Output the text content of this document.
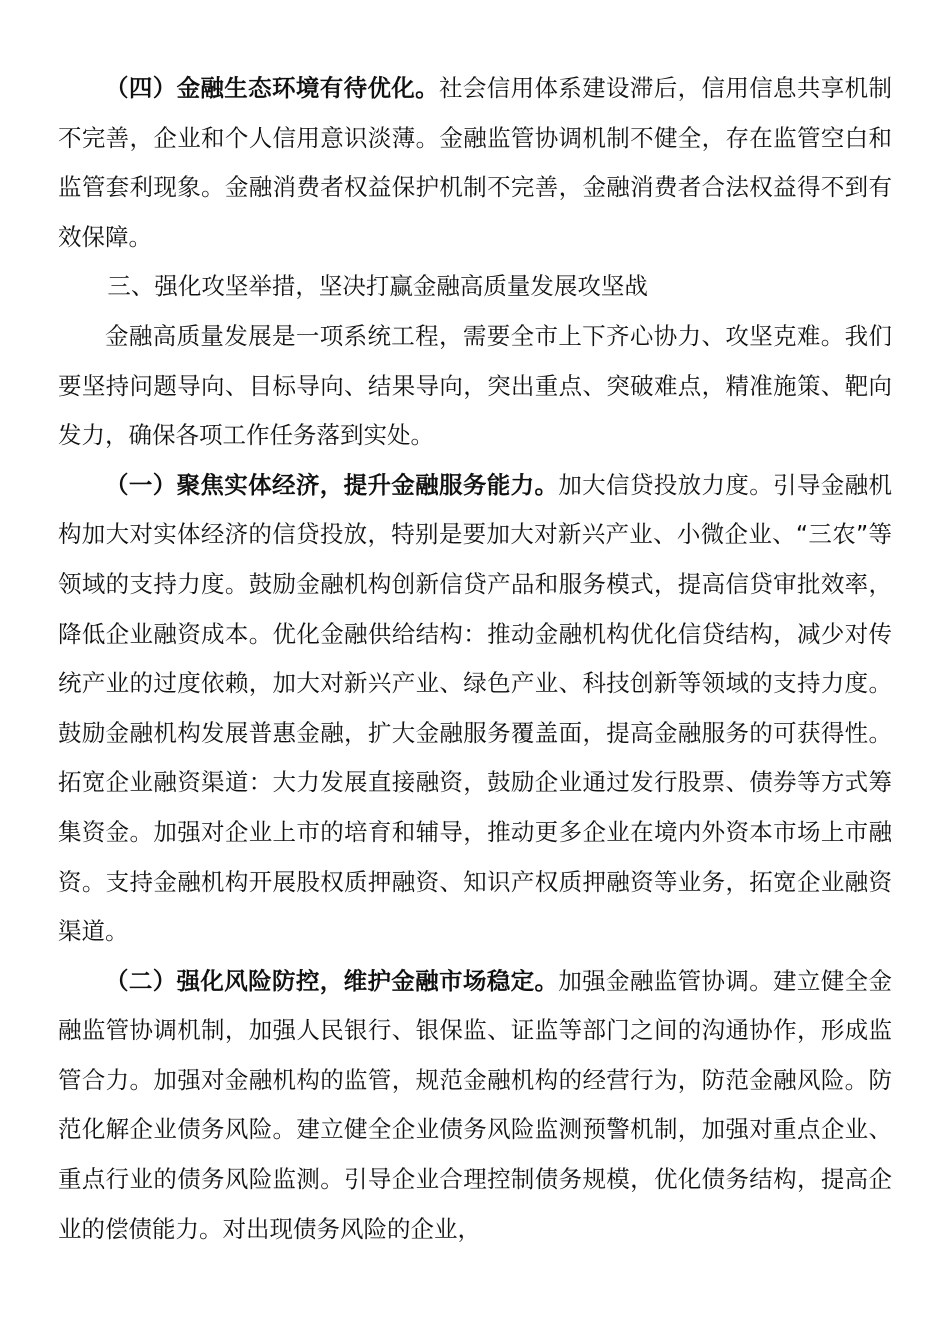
（四）金融生态环境有待优化。社会信用体系建设滞后，信用信息共享机制不完善，企业和个人信用意识淡薄。金融监管协调机制不健全，存在监管空白和监管套利现象。金融消费者权益保护机制不完善，金融消费者合法权益得不到有效保障。

三、强化攻坚举措，坚决打赢金融高质量发展攻坚战

金融高质量发展是一项系统工程，需要全市上下齐心协力、攻坚克难。我们要坚持问题导向、目标导向、结果导向，突出重点、突破难点，精准施策、靶向发力，确保各项工作任务落到实处。

（一）聚焦实体经济，提升金融服务能力。加大信贷投放力度。引导金融机构加大对实体经济的信贷投放，特别是要加大对新兴产业、小微企业、“三农”等领域的支持力度。鼓励金融机构创新信贷产品和服务模式，提高信贷审批效率，降低企业融资成本。优化金融供给结构：推动金融机构优化信贷结构，减少对传统产业的过度依赖，加大对新兴产业、绿色产业、科技创新等领域的支持力度。鼓励金融机构发展普惠金融，扩大金融服务覆盖面，提高金融服务的可获得性。拓宽企业融资渠道：大力发展直接融资，鼓励企业通过发行股票、债券等方式筹集资金。加强对企业上市的培育和辅导，推动更多企业在境内外资本市场上市融资。支持金融机构开展股权质押融资、知识产权质押融资等业务，拓宽企业融资渠道。

（二）强化风险防控，维护金融市场稳定。加强金融监管协调。建立健全金融监管协调机制，加强人民银行、银保监、证监等部门之间的沟通协作，形成监管合力。加强对金融机构的监管，规范金融机构的经营行为，防范金融风险。防范化解企业债务风险。建立健全企业债务风险监测预警机制，加强对重点企业、重点行业的债务风险监测。引导企业合理控制债务规模，优化债务结构，提高企业的偿债能力。对出现债务风险的企业，
